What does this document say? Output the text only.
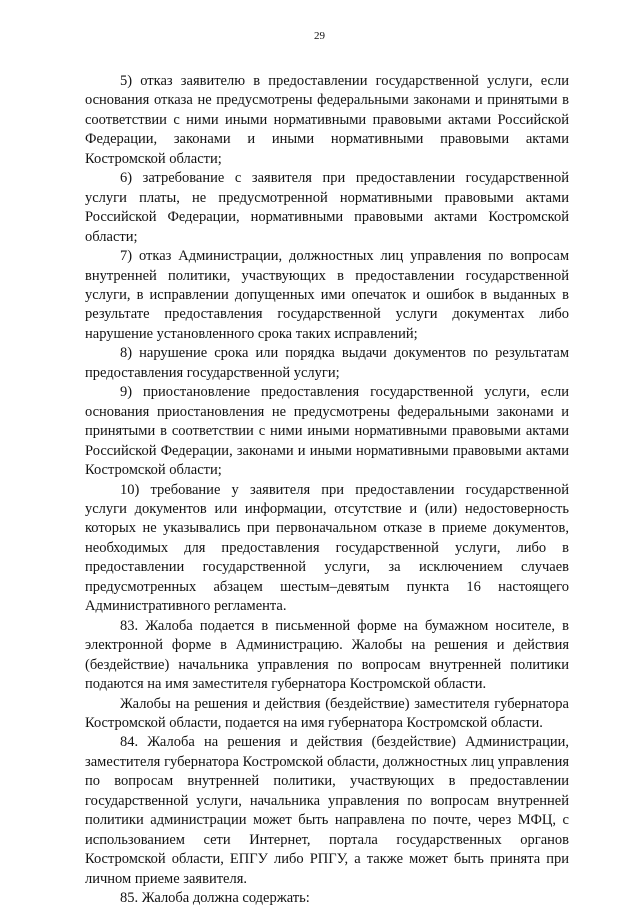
29

5) отказ заявителю в предоставлении государственной услуги, если основания отказа не предусмотрены федеральными законами и принятыми в соответствии с ними иными нормативными правовыми актами Российской Федерации, законами и иными нормативными правовыми актами Костромской области;

6) затребование с заявителя при предоставлении государственной услуги платы, не предусмотренной нормативными правовыми актами Российской Федерации, нормативными правовыми актами Костромской области;

7) отказ Администрации, должностных лиц управления по вопросам внутренней политики, участвующих в предоставлении государственной услуги, в исправлении допущенных ими опечаток и ошибок в выданных в результате предоставления государственной услуги документах либо нарушение установленного срока таких исправлений;

8) нарушение срока или порядка выдачи документов по результатам предоставления государственной услуги;

9) приостановление предоставления государственной услуги, если основания приостановления не предусмотрены федеральными законами и принятыми в соответствии с ними иными нормативными правовыми актами Российской Федерации, законами и иными нормативными правовыми актами Костромской области;

10) требование у заявителя при предоставлении государственной услуги документов или информации, отсутствие и (или) недостоверность которых не указывались при первоначальном отказе в приеме документов, необходимых для предоставления государственной услуги, либо в предоставлении государственной услуги, за исключением случаев предусмотренных абзацем шестым–девятым пункта 16 настоящего Административного регламента.

83. Жалоба подается в письменной форме на бумажном носителе, в электронной форме в Администрацию. Жалобы на решения и действия (бездействие) начальника управления по вопросам внутренней политики подаются на имя заместителя губернатора Костромской области.

Жалобы на решения и действия (бездействие) заместителя губернатора Костромской области, подается на имя губернатора Костромской области.

84. Жалоба на решения и действия (бездействие) Администрации, заместителя губернатора Костромской области, должностных лиц управления по вопросам внутренней политики, участвующих в предоставлении государственной услуги, начальника управления по вопросам внутренней политики администрации может быть направлена по почте, через МФЦ, с использованием сети Интернет, портала государственных органов Костромской области, ЕПГУ либо РПГУ, а также может быть принята при личном приеме заявителя.

85. Жалоба должна содержать:
